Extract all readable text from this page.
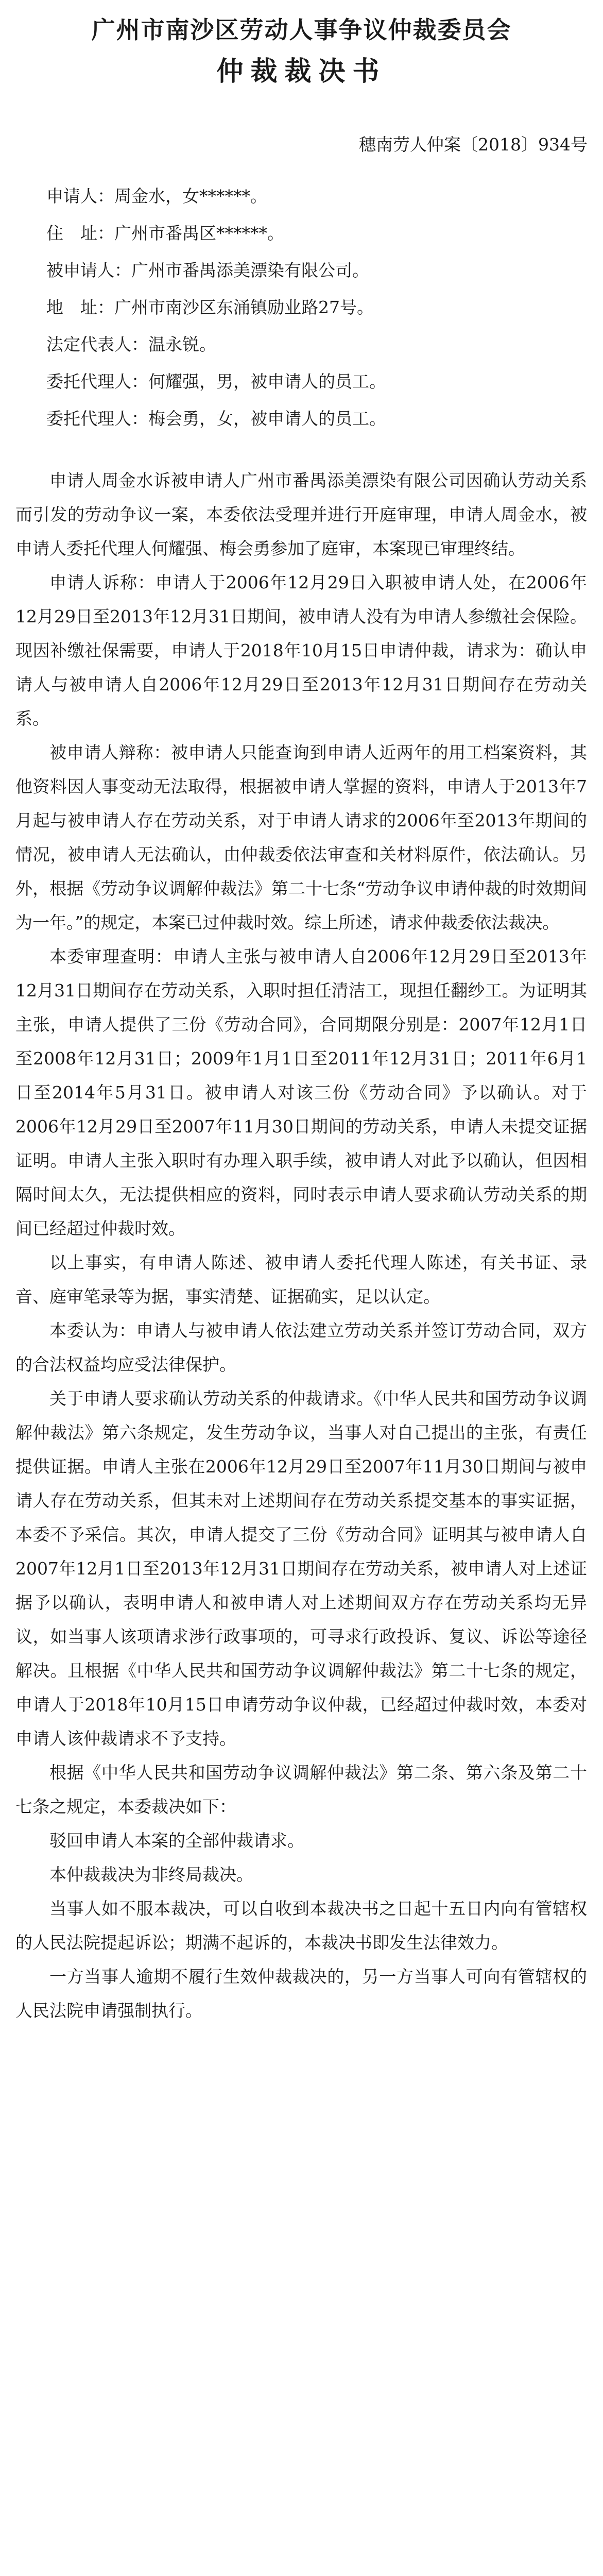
广州市南沙区劳动人事争议仲裁委员会
仲裁裁决书
穗南劳人仲案〔2018〕934号
申请人：周金水，女******。
住　址：广州市番禺区******。
被申请人：广州市番禺添美漂染有限公司。
地　址：广州市南沙区东涌镇励业路27号。
法定代表人：温永锐。
委托代理人：何耀强，男，被申请人的员工。
委托代理人：梅会勇，女，被申请人的员工。

申请人周金水诉被申请人广州市番禺添美漂染有限公司因确认劳动关系而引发的劳动争议一案，本委依法受理并进行开庭审理，申请人周金水，被申请人委托代理人何耀强、梅会勇参加了庭审，本案现已审理终结。

申请人诉称：申请人于2006年12月29日入职被申请人处，在2006年12月29日至2013年12月31日期间，被申请人没有为申请人参缴社会保险。现因补缴社保需要，申请人于2018年10月15日申请仲裁，请求为：确认申请人与被申请人自2006年12月29日至2013年12月31日期间存在劳动关系。

被申请人辩称：被申请人只能查询到申请人近两年的用工档案资料，其他资料因人事变动无法取得，根据被申请人掌握的资料，申请人于2013年7月起与被申请人存在劳动关系，对于申请人请求的2006年至2013年期间的情况，被申请人无法确认，由仲裁委依法审查和关材料原件，依法确认。另外，根据《劳动争议调解仲裁法》第二十七条“劳动争议申请仲裁的时效期间为一年。”的规定，本案已过仲裁时效。综上所述，请求仲裁委依法裁决。

本委审理查明：申请人主张与被申请人自2006年12月29日至2013年12月31日期间存在劳动关系，入职时担任清洁工，现担任翻纱工。为证明其主张，申请人提供了三份《劳动合同》，合同期限分别是：2007年12月1日至2008年12月31日；2009年1月1日至2011年12月31日；2011年6月1日至2014年5月31日。被申请人对该三份《劳动合同》予以确认。对于2006年12月29日至2007年11月30日期间的劳动关系，申请人未提交证据证明。申请人主张入职时有办理入职手续，被申请人对此予以确认，但因相隔时间太久，无法提供相应的资料，同时表示申请人要求确认劳动关系的期间已经超过仲裁时效。

以上事实，有申请人陈述、被申请人委托代理人陈述，有关书证、录音、庭审笔录等为据，事实清楚、证据确实，足以认定。

本委认为：申请人与被申请人依法建立劳动关系并签订劳动合同，双方的合法权益均应受法律保护。

关于申请人要求确认劳动关系的仲裁请求。《中华人民共和国劳动争议调解仲裁法》第六条规定，发生劳动争议，当事人对自己提出的主张，有责任提供证据。申请人主张在2006年12月29日至2007年11月30日期间与被申请人存在劳动关系，但其未对上述期间存在劳动关系提交基本的事实证据，本委不予采信。其次，申请人提交了三份《劳动合同》证明其与被申请人自2007年12月1日至2013年12月31日期间存在劳动关系，被申请人对上述证据予以确认，表明申请人和被申请人对上述期间双方存在劳动关系均无异议，如当事人该项请求涉行政事项的，可寻求行政投诉、复议、诉讼等途径解决。且根据《中华人民共和国劳动争议调解仲裁法》第二十七条的规定，申请人于2018年10月15日申请劳动争议仲裁，已经超过仲裁时效，本委对申请人该仲裁请求不予支持。

根据《中华人民共和国劳动争议调解仲裁法》第二条、第六条及第二十七条之规定，本委裁决如下：

驳回申请人本案的全部仲裁请求。

本仲裁裁决为非终局裁决。

当事人如不服本裁决，可以自收到本裁决书之日起十五日内向有管辖权的人民法院提起诉讼；期满不起诉的，本裁决书即发生法律效力。

一方当事人逾期不履行生效仲裁裁决的，另一方当事人可向有管辖权的人民法院申请强制执行。
